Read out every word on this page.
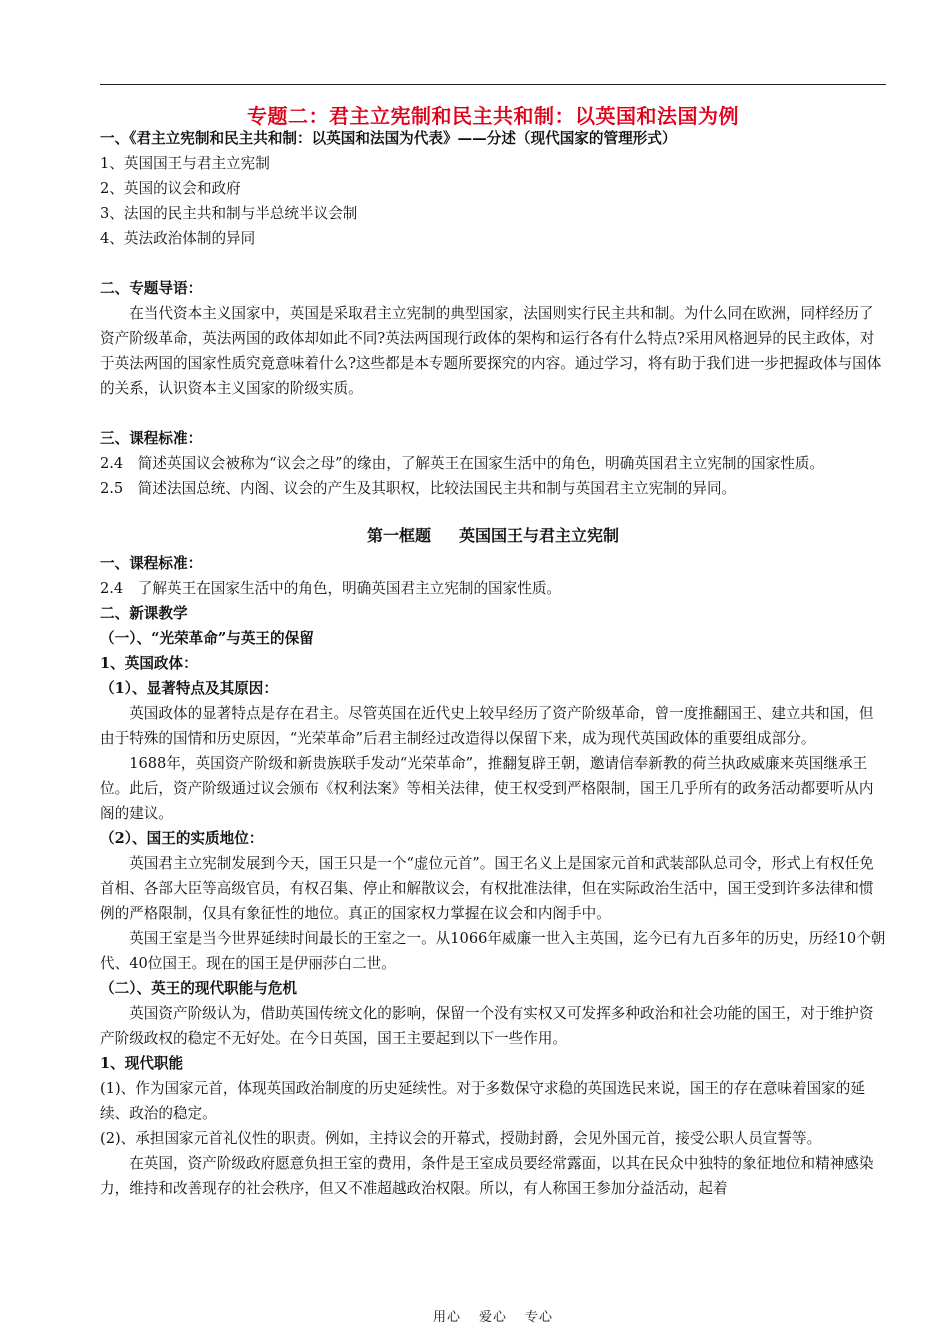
专题二：君主立宪制和民主共和制：以英国和法国为例

一、《君主立宪制和民主共和制：以英国和法国为代表》——分述（现代国家的管理形式）

1、英国国王与君主立宪制

2、英国的议会和政府

3、法国的民主共和制与半总统半议会制

4、英法政治体制的异同

二、专题导语：

在当代资本主义国家中，英国是采取君主立宪制的典型国家，法国则实行民主共和制。为什么同在欧洲，同样经历了资产阶级革命，英法两国的政体却如此不同?英法两国现行政体的架构和运行各有什么特点?采用风格迥异的民主政体，对于英法两国的国家性质究竟意味着什么?这些都是本专题所要探究的内容。通过学习，将有助于我们进一步把握政体与国体的关系，认识资本主义国家的阶级实质。

三、课程标准：

2.4　简述英国议会被称为“议会之母”的缘由，了解英王在国家生活中的角色，明确英国君主立宪制的国家性质。

2.5　简述法国总统、内阁、议会的产生及其职权，比较法国民主共和制与英国君主立宪制的异同。

第一框题 英国国王与君主立宪制

一、课程标准：

2.4　了解英王在国家生活中的角色，明确英国君主立宪制的国家性质。

二、新课教学

（一）、“光荣革命”与英王的保留

1、英国政体：

（1）、显著特点及其原因：

英国政体的显著特点是存在君主。尽管英国在近代史上较早经历了资产阶级革命，曾一度推翻国王、建立共和国，但由于特殊的国情和历史原因，“光荣革命”后君主制经过改造得以保留下来，成为现代英国政体的重要组成部分。

1688年，英国资产阶级和新贵族联手发动“光荣革命”，推翻复辟王朝，邀请信奉新教的荷兰执政威廉来英国继承王位。此后，资产阶级通过议会颁布《权利法案》等相关法律，使王权受到严格限制，国王几乎所有的政务活动都要听从内阁的建议。

（2）、国王的实质地位：

英国君主立宪制发展到今天，国王只是一个“虚位元首”。国王名义上是国家元首和武装部队总司令，形式上有权任免首相、各部大臣等高级官员，有权召集、停止和解散议会，有权批准法律，但在实际政治生活中，国王受到许多法律和惯例的严格限制，仅具有象征性的地位。真正的国家权力掌握在议会和内阁手中。

英国王室是当今世界延续时间最长的王室之一。从1066年威廉一世入主英国，迄今已有九百多年的历史，历经10个朝代、40位国王。现在的国王是伊丽莎白二世。

（二）、英王的现代职能与危机

英国资产阶级认为，借助英国传统文化的影响，保留一个没有实权又可发挥多种政治和社会功能的国王，对于维护资产阶级政权的稳定不无好处。在今日英国，国王主要起到以下一些作用。

1、现代职能

(1)、作为国家元首，体现英国政治制度的历史延续性。对于多数保守求稳的英国选民来说，国王的存在意味着国家的延续、政治的稳定。

(2)、承担国家元首礼仪性的职责。例如，主持议会的开幕式，授勋封爵，会见外国元首，接受公职人员宣誓等。

在英国，资产阶级政府愿意负担王室的费用，条件是王室成员要经常露面，以其在民众中独特的象征地位和精神感染力，维持和改善现存的社会秩序，但又不准超越政治权限。所以，有人称国王参加分益活动，起着

用心 爱心 专心
